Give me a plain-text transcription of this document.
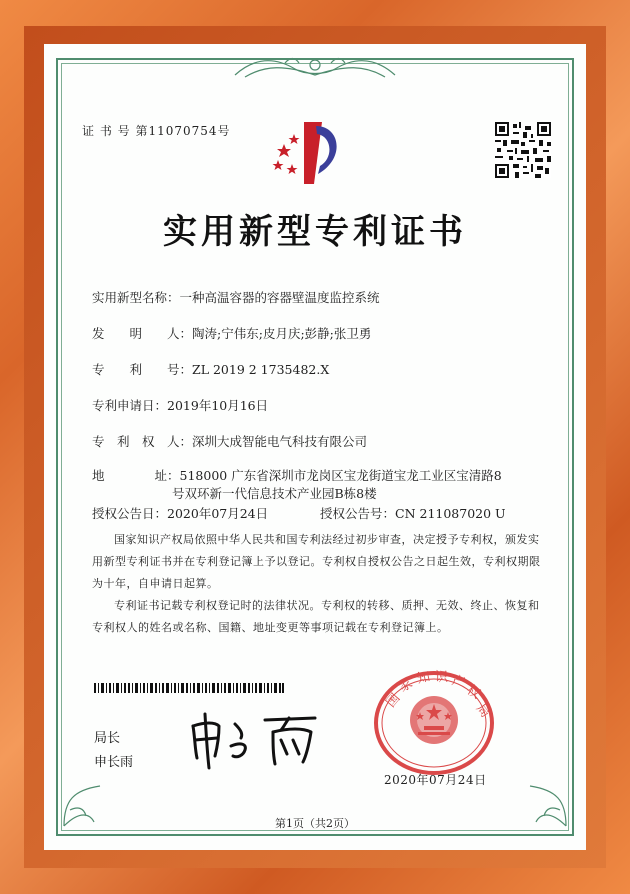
证 书 号 第11070754号
实用新型专利证书
实用新型名称：一种高温容器的容器壁温度监控系统
发　　明　　人：陶涛;宁伟东;皮月庆;彭静;张卫勇
专　　利　　号：ZL 2019 2 1735482.X
专利申请日：2019年10月16日
专　利　权　人：深圳大成智能电气科技有限公司
地　　　　址：518000 广东省深圳市龙岗区宝龙街道宝龙工业区宝清路8
号双环新一代信息技术产业园B栋8楼
授权公告日：2020年07月24日	授权公告号：CN 211087020 U
国家知识产权局依照中华人民共和国专利法经过初步审查，决定授予专利权，颁发实用新型专利证书并在专利登记簿上予以登记。专利权自授权公告之日起生效，专利权期限为十年，自申请日起算。
专利证书记载专利权登记时的法律状况。专利权的转移、质押、无效、终止、恢复和专利权人的姓名或名称、国籍、地址变更等事项记载在专利登记簿上。
局长
申长雨
国
家 知 识 产
权
局
2020年07月24日
第1页（共2页）
